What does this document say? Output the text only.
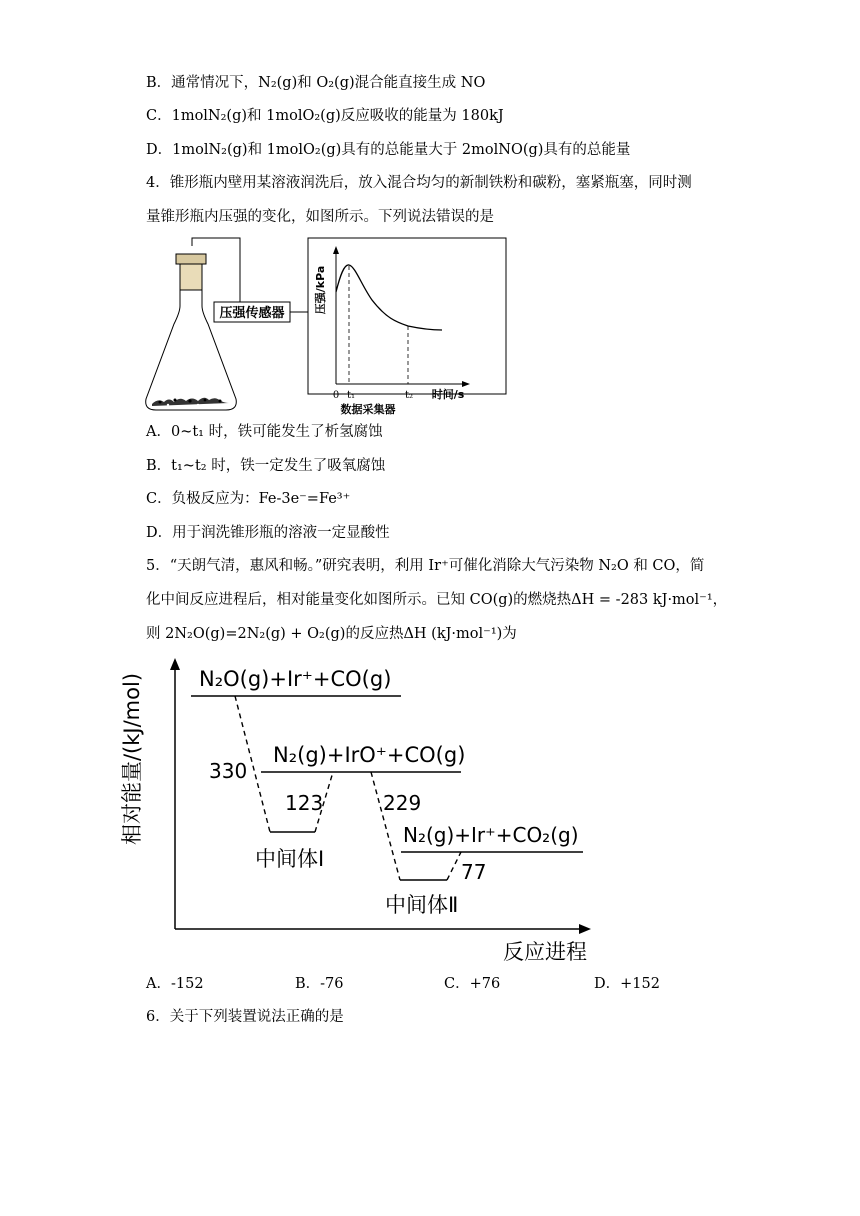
B．通常情况下，N₂(g)和 O₂(g)混合能直接生成 NO
C．1molN₂(g)和 1molO₂(g)反应吸收的能量为 180kJ
D．1molN₂(g)和 1molO₂(g)具有的总能量大于 2molNO(g)具有的总能量
4．锥形瓶内壁用某溶液润洗后，放入混合均匀的新制铁粉和碳粉，塞紧瓶塞，同时测
量锥形瓶内压强的变化，如图所示。下列说法错误的是
压强传感器	压强/kPa
0 t₁	t₂ 时间/s
数据采集器
A．0~t₁ 时，铁可能发生了析氢腐蚀
B．t₁~t₂ 时，铁一定发生了吸氧腐蚀
C．负极反应为：Fe-3e⁻=Fe³⁺
D．用于润洗锥形瓶的溶液一定显酸性
5．“天朗气清，惠风和畅。”研究表明，利用 Ir⁺可催化消除大气污染物 N₂O 和 CO，简
化中间反应进程后，相对能量变化如图所示。已知 CO(g)的燃烧热ΔH = -283 kJ·mol⁻¹，
则 2N₂O(g)=2N₂(g) + O₂(g)的反应热ΔH (kJ·mol⁻¹)为
相对能量/(kJ/mol)
反应进程
N₂O(g)+Ir⁺+CO(g)
N₂(g)+IrO⁺+CO(g)
N₂(g)+Ir⁺+CO₂(g)
330
123	229
77
中间体Ⅰ
中间体Ⅱ
A．-152	B．-76	C．+76	D．+152
6．关于下列装置说法正确的是
